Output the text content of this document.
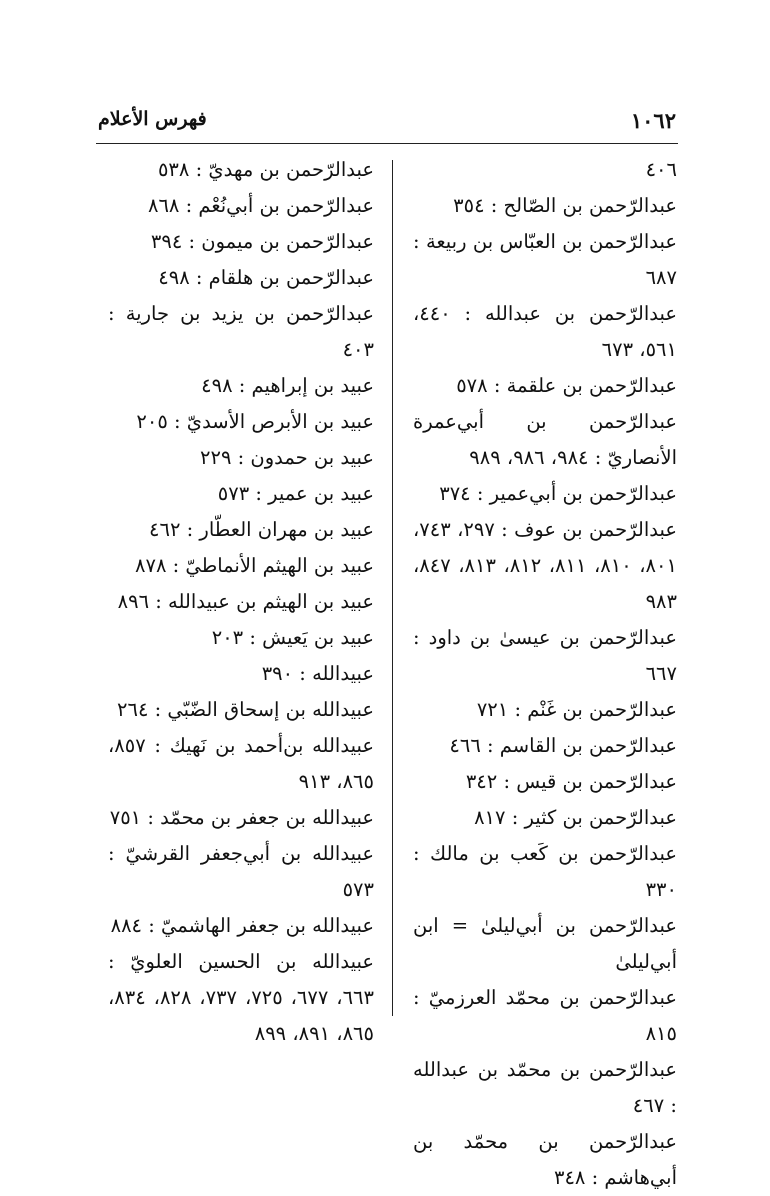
١٠٦٢
فهرس الأعلام

٤٠٦

عبدالرّحمن بن الصّالح : ٣٥٤

عبدالرّحمن بن العبّاس بن ربيعة : ٦٨٧

عبدالرّحمن بن عبدالله : ٤٤٠، ٥٦١، ٦٧٣

عبدالرّحمن بن علقمة : ٥٧٨

عبدالرّحمن بن أبي‌عمرة الأنصاريّ : ٩٨٤، ٩٨٦، ٩٨٩

عبدالرّحمن بن أبي‌عمير : ٣٧٤

عبدالرّحمن بن عوف : ٢٩٧، ٧٤٣، ٨٠١، ٨١٠، ٨١١، ٨١٢، ٨١٣، ٨٤٧، ٩٨٣

عبدالرّحمن بن عيسىٰ بن داود : ٦٦٧

عبدالرّحمن بن غَنْم : ٧٢١

عبدالرّحمن بن القاسم : ٤٦٦

عبدالرّحمن بن قيس : ٣٤٢

عبدالرّحمن بن كثير : ٨١٧

عبدالرّحمن بن كَعب بن مالك : ٣٣٠

عبدالرّحمن بن أبي‌ليلىٰ = ابن أبي‌ليلىٰ

عبدالرّحمن بن محمّد العرزميّ : ٨١٥

عبدالرّحمن بن محمّد بن عبدالله : ٤٦٧

عبدالرّحمن بن محمّد بن أبي‌هاشم : ٣٤٨

عبدالرّحمن بن مهديّ : ٥٣٨

عبدالرّحمن بن أبي‌نُعْم : ٨٦٨

عبدالرّحمن بن ميمون : ٣٩٤

عبدالرّحمن بن هلقام : ٤٩٨

عبدالرّحمن بن يزيد بن جارية : ٤٠٣

عبيد بن إبراهيم : ٤٩٨

عبيد بن الأبرص الأسديّ : ٢٠٥

عبيد بن حمدون : ٢٢٩

عبيد بن عمير : ٥٧٣

عبيد بن مهران العطّار : ٤٦٢

عبيد بن الهيثم الأنماطيّ : ٨٧٨

عبيد بن الهيثم بن عبيدالله : ٨٩٦

عبيد بن يَعيش : ٢٠٣

عبيدالله : ٣٩٠

عبيدالله بن إسحاق الضّبّي : ٢٦٤

عبيدالله بن‌أحمد بن نَهيك : ٨٥٧، ٨٦٥، ٩١٣

عبيدالله بن جعفر بن محمّد : ٧٥١

عبيدالله بن أبي‌جعفر القرشيّ : ٥٧٣

عبيدالله بن جعفر الهاشميّ : ٨٨٤

عبيدالله بن الحسين العلويّ : ٦٦٣، ٦٧٧، ٧٢٥، ٧٣٧، ٨٢٨، ٨٣٤، ٨٦٥، ٨٩١، ٨٩٩
